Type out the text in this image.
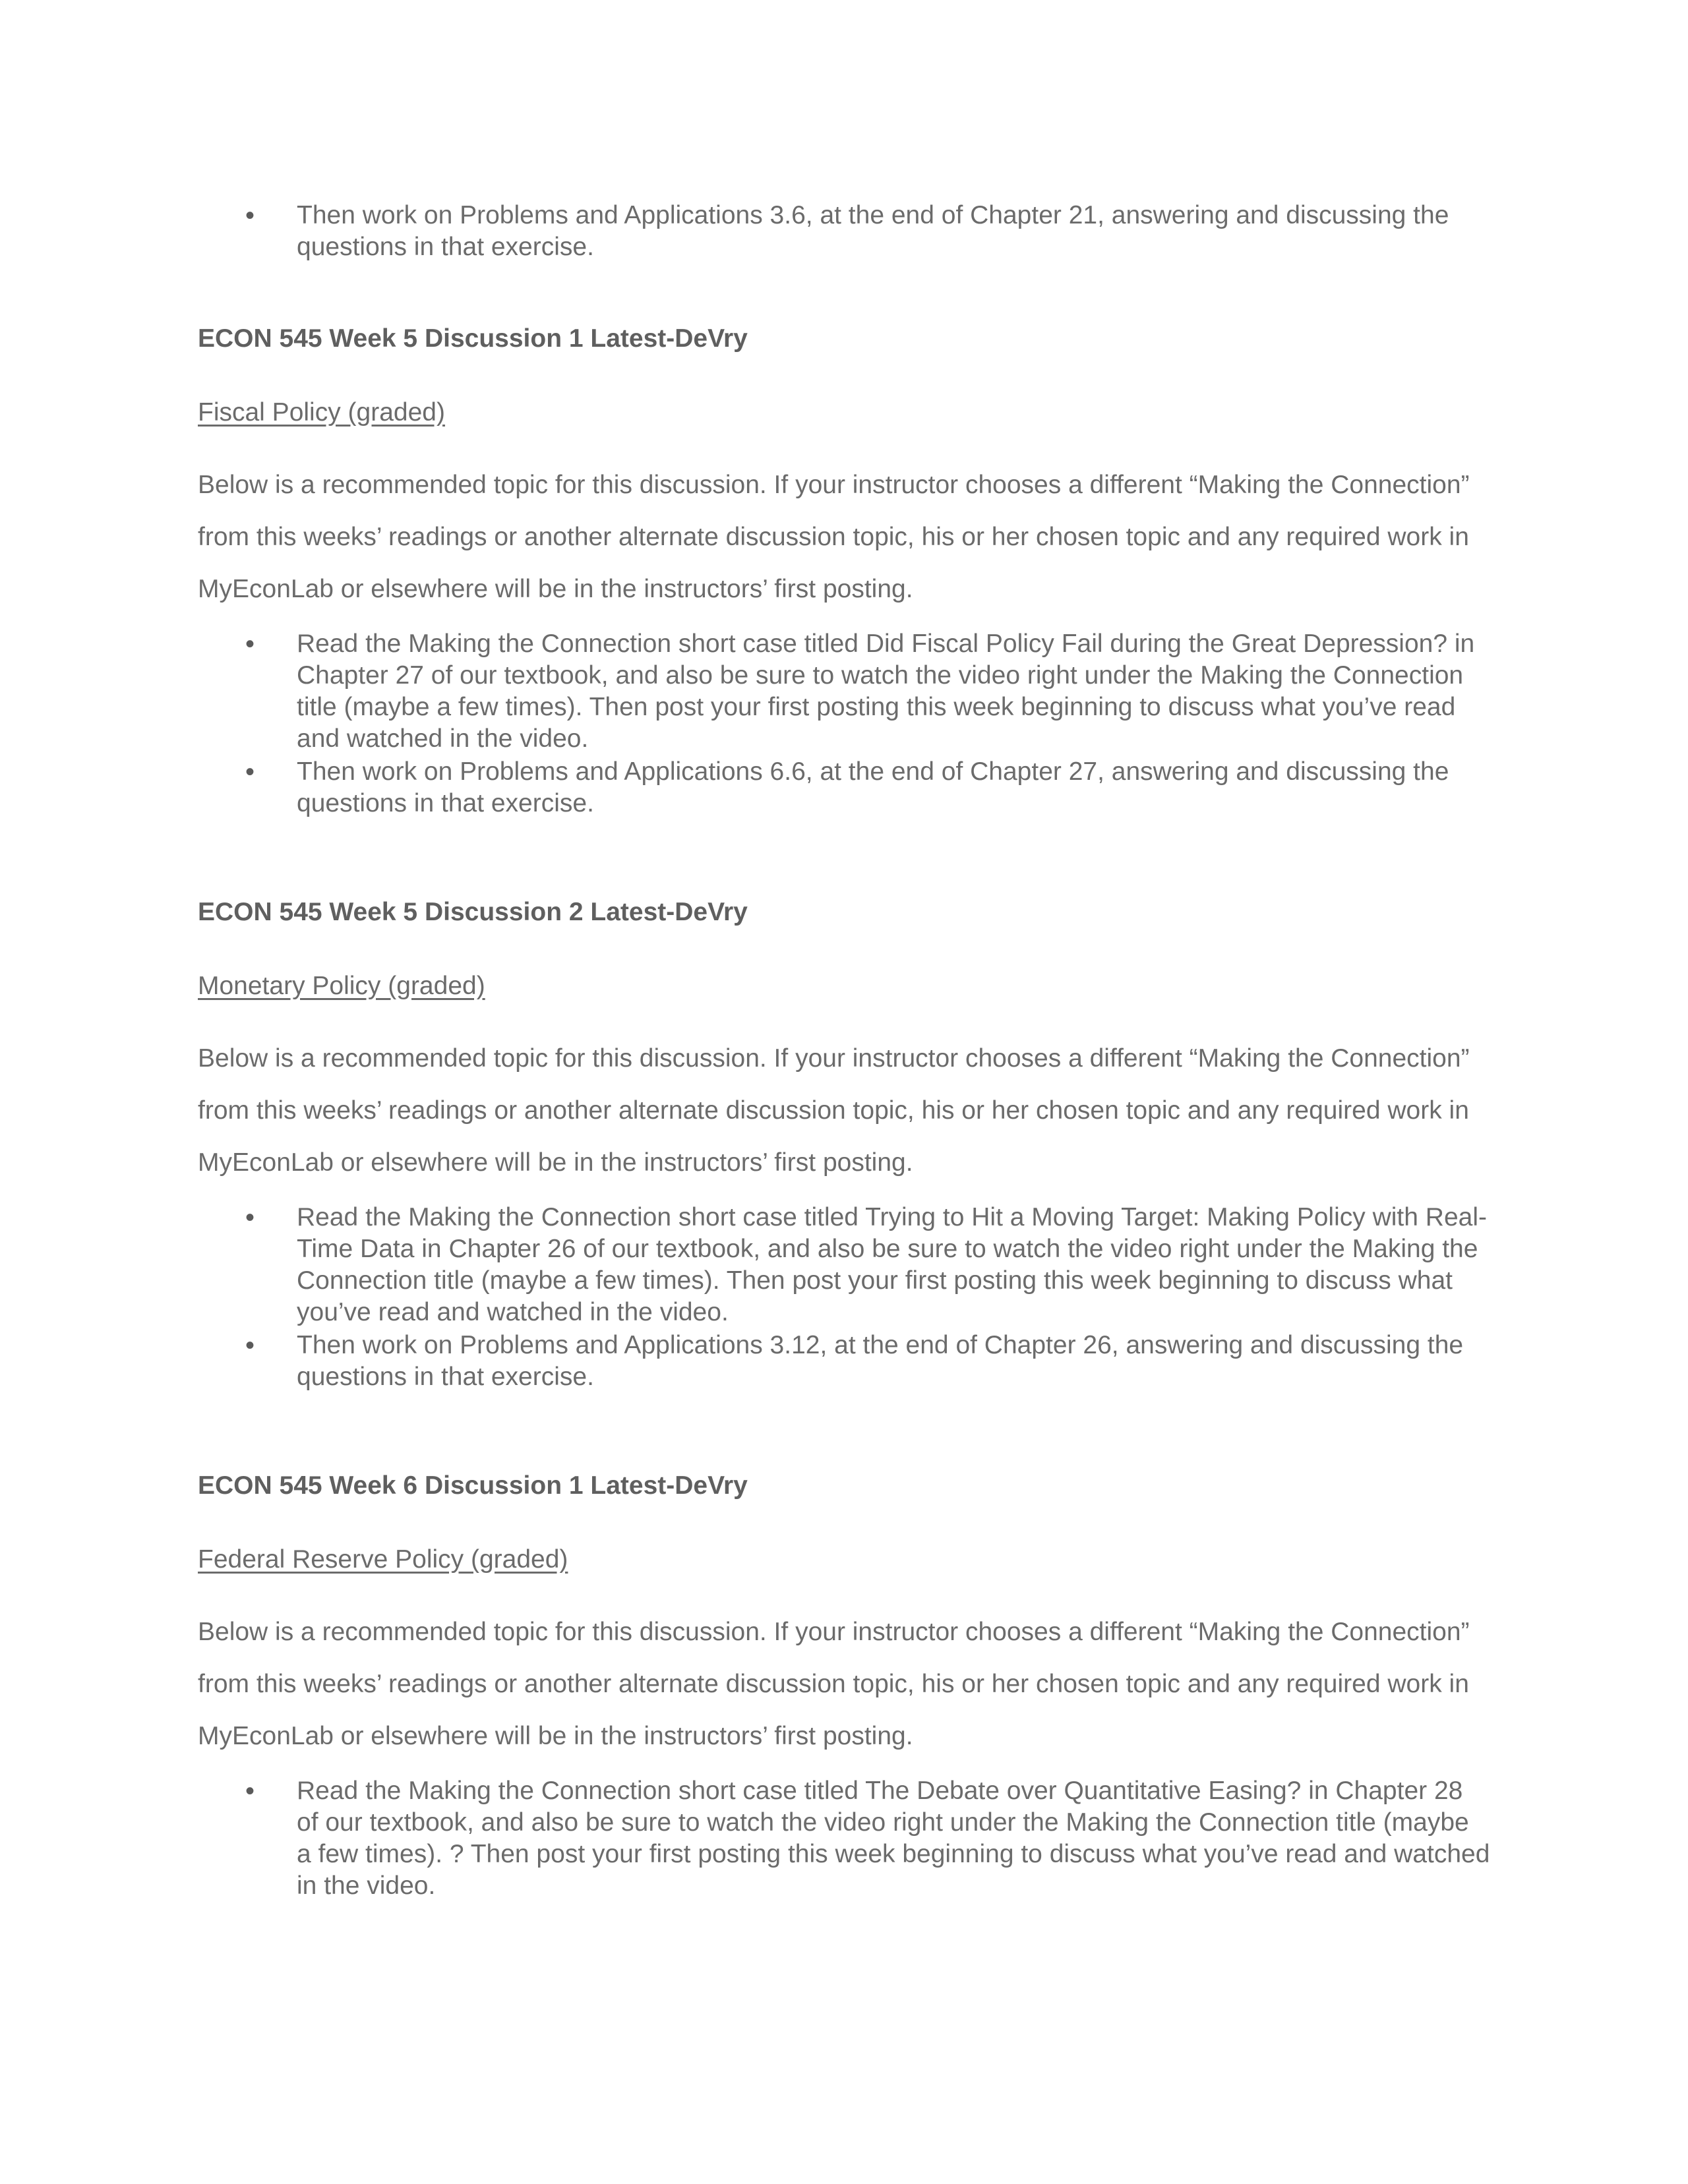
• Then work on Problems and Applications 3.6, at the end of Chapter 21, answering and discussing the questions in that exercise.

ECON 545 Week 5 Discussion 1 Latest-DeVry

Fiscal Policy (graded)

Below is a recommended topic for this discussion. If your instructor chooses a different “Making the Connection” from this weeks’ readings or another alternate discussion topic, his or her chosen topic and any required work in MyEconLab or elsewhere will be in the instructors’ first posting.

• Read the Making the Connection short case titled Did Fiscal Policy Fail during the Great Depression? in Chapter 27 of our textbook, and also be sure to watch the video right under the Making the Connection title (maybe a few times). Then post your first posting this week beginning to discuss what you’ve read and watched in the video.
• Then work on Problems and Applications 6.6, at the end of Chapter 27, answering and discussing the questions in that exercise.

ECON 545 Week 5 Discussion 2 Latest-DeVry

Monetary Policy (graded)

Below is a recommended topic for this discussion. If your instructor chooses a different “Making the Connection” from this weeks’ readings or another alternate discussion topic, his or her chosen topic and any required work in MyEconLab or elsewhere will be in the instructors’ first posting.

• Read the Making the Connection short case titled Trying to Hit a Moving Target: Making Policy with Real-Time Data in Chapter 26 of our textbook, and also be sure to watch the video right under the Making the Connection title (maybe a few times). Then post your first posting this week beginning to discuss what you’ve read and watched in the video.
• Then work on Problems and Applications 3.12, at the end of Chapter 26, answering and discussing the questions in that exercise.

ECON 545 Week 6 Discussion 1 Latest-DeVry

Federal Reserve Policy (graded)

Below is a recommended topic for this discussion. If your instructor chooses a different “Making the Connection” from this weeks’ readings or another alternate discussion topic, his or her chosen topic and any required work in MyEconLab or elsewhere will be in the instructors’ first posting.

• Read the Making the Connection short case titled The Debate over Quantitative Easing? in Chapter 28 of our textbook, and also be sure to watch the video right under the Making the Connection title (maybe a few times). ? Then post your first posting this week beginning to discuss what you’ve read and watched in the video.
